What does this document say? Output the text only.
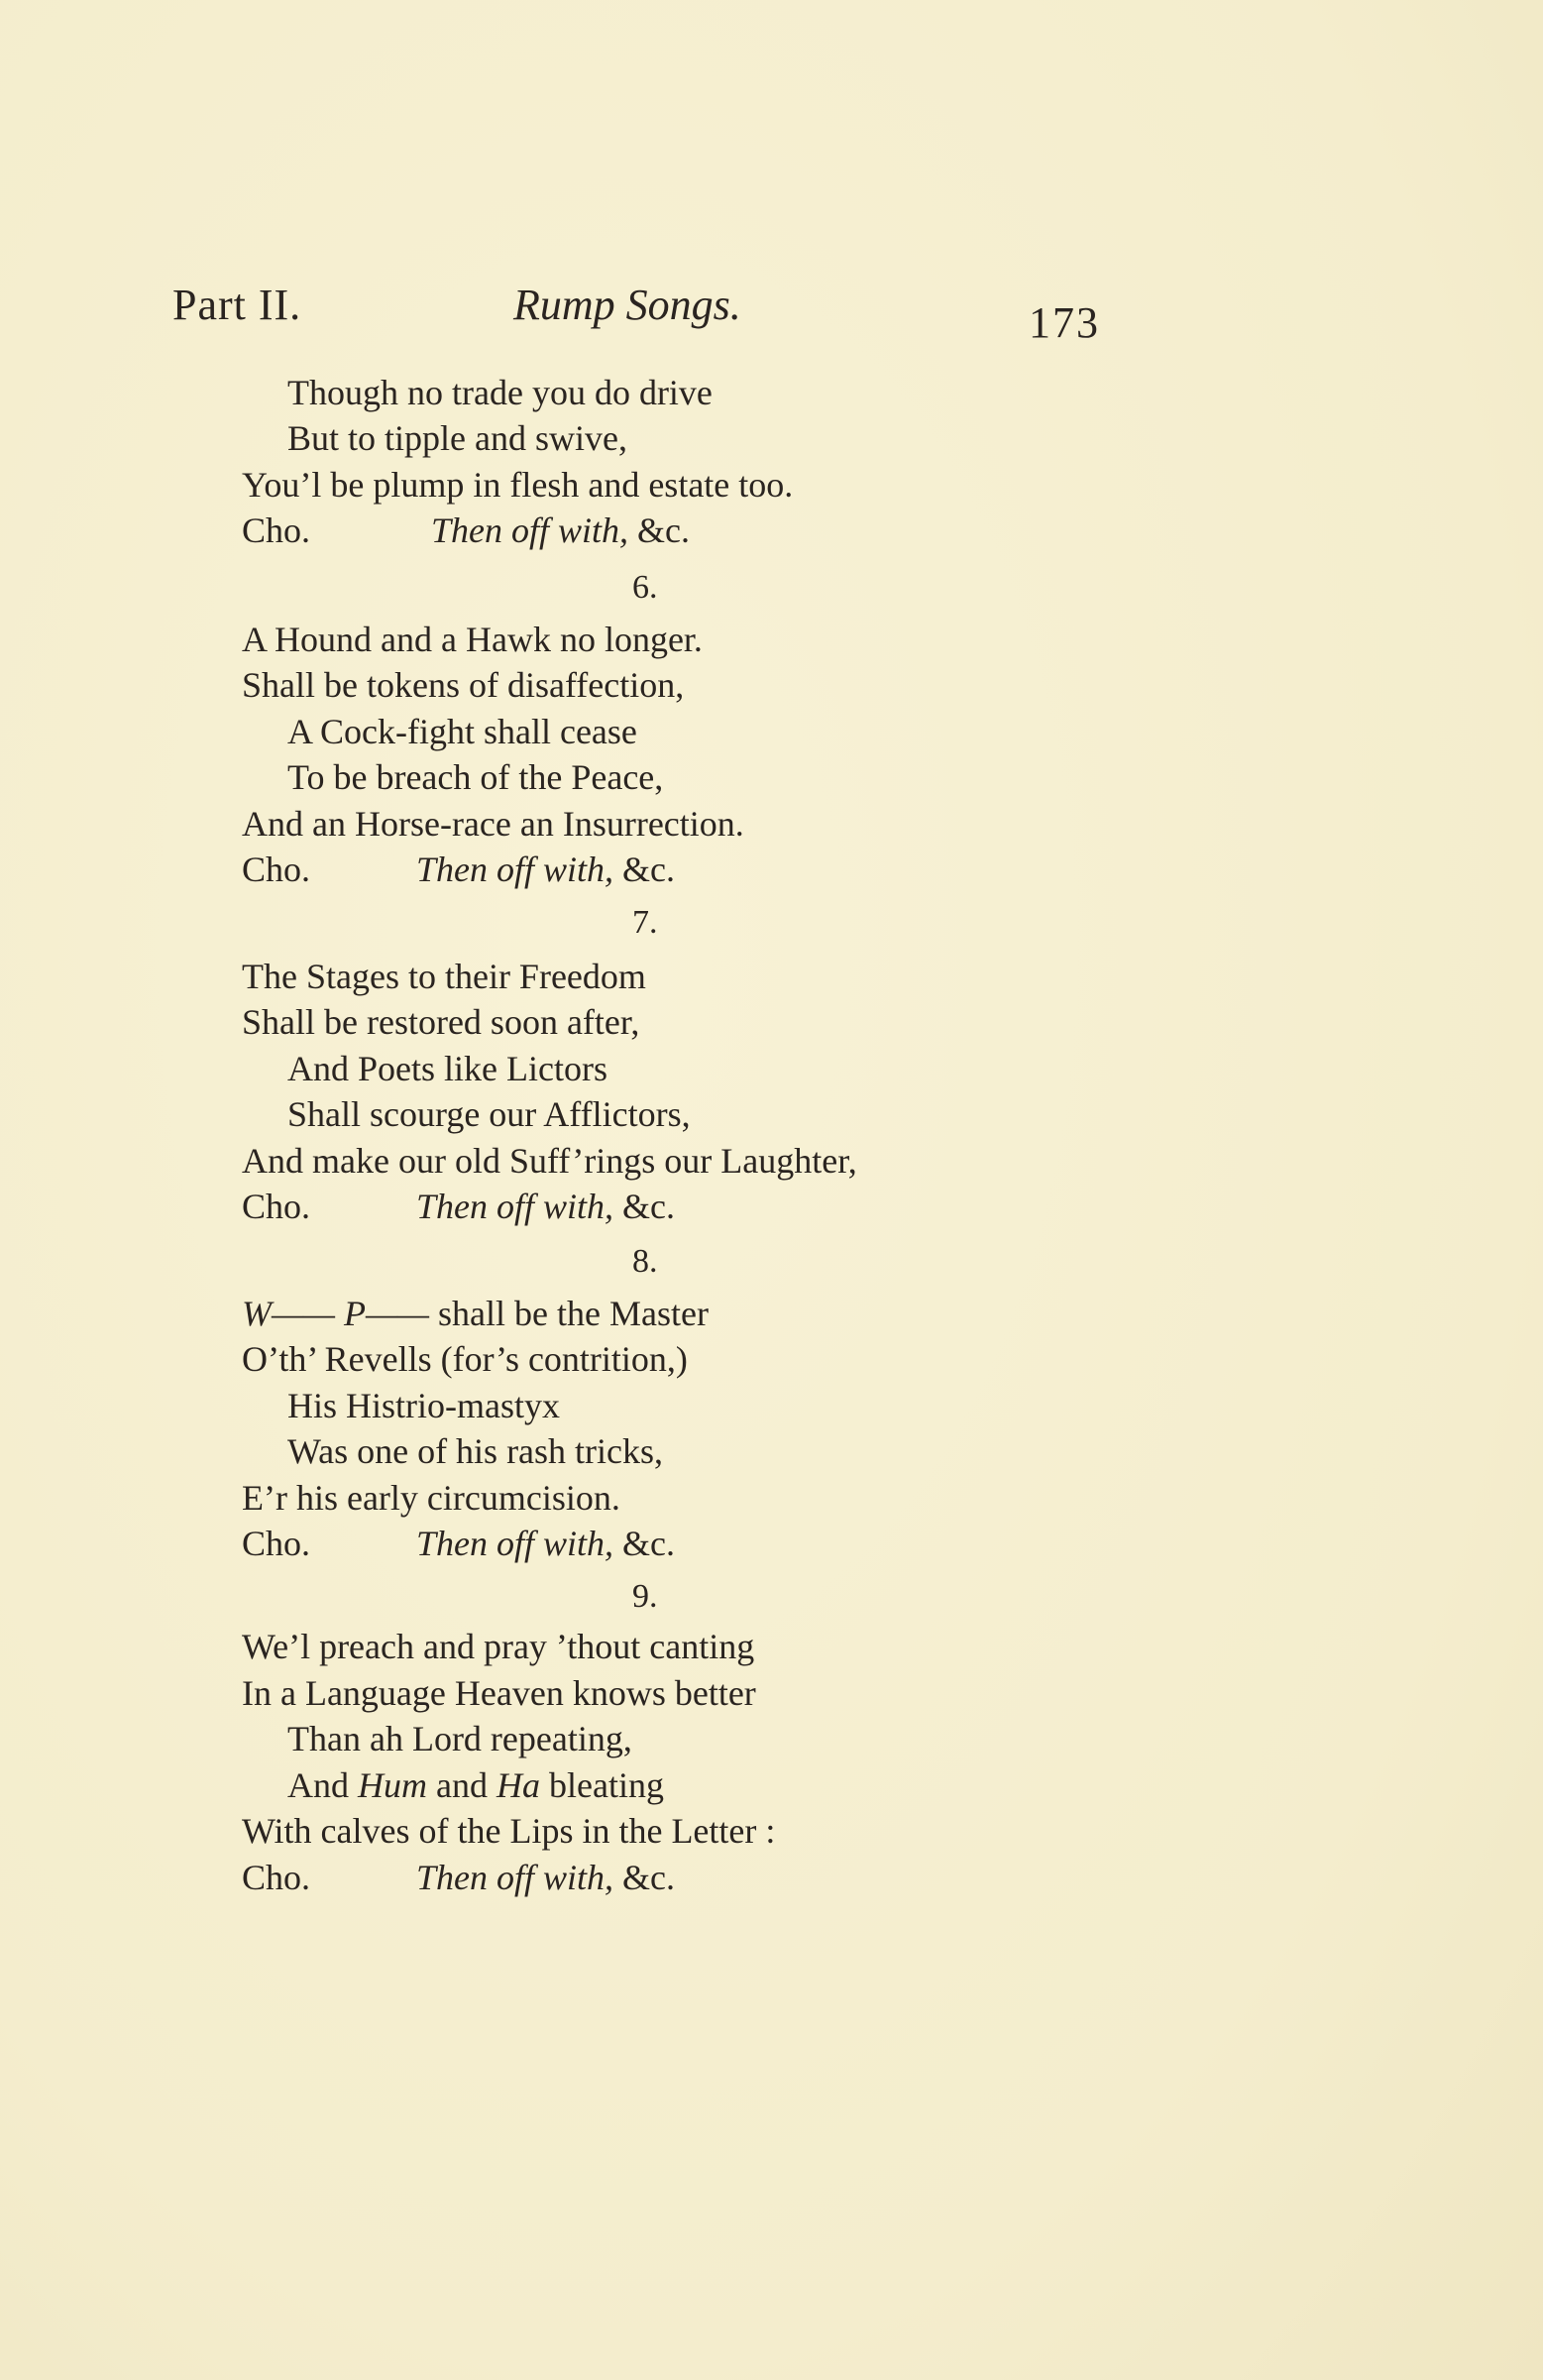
Part II.	Rump Songs.	173
Though no trade you do drive
But to tipple and swive,
You’l be plump in flesh and estate too.
Cho.	Then off with, &c.
6.
A Hound and a Hawk no longer.
Shall be tokens of disaffection,
A Cock-fight shall cease
To be breach of the Peace,
And an Horse-race an Insurrection.
Cho.	Then off with, &c.
7.
The Stages to their Freedom
Shall be restored soon after,
And Poets like Lictors
Shall scourge our Afflictors,
And make our old Suff’rings our Laughter,
Cho.	Then off with, &c.
8.
W—— P—— shall be the Master
O’th’ Revells (for’s contrition,)
His Histrio-mastyx
Was one of his rash tricks,
E’r his early circumcision.
Cho.	Then off with, &c.
9.
We’l preach and pray ’thout canting
In a Language Heaven knows better
Than ah Lord repeating,
And Hum and Ha bleating
With calves of the Lips in the Letter :
Cho.	Then off with, &c.
